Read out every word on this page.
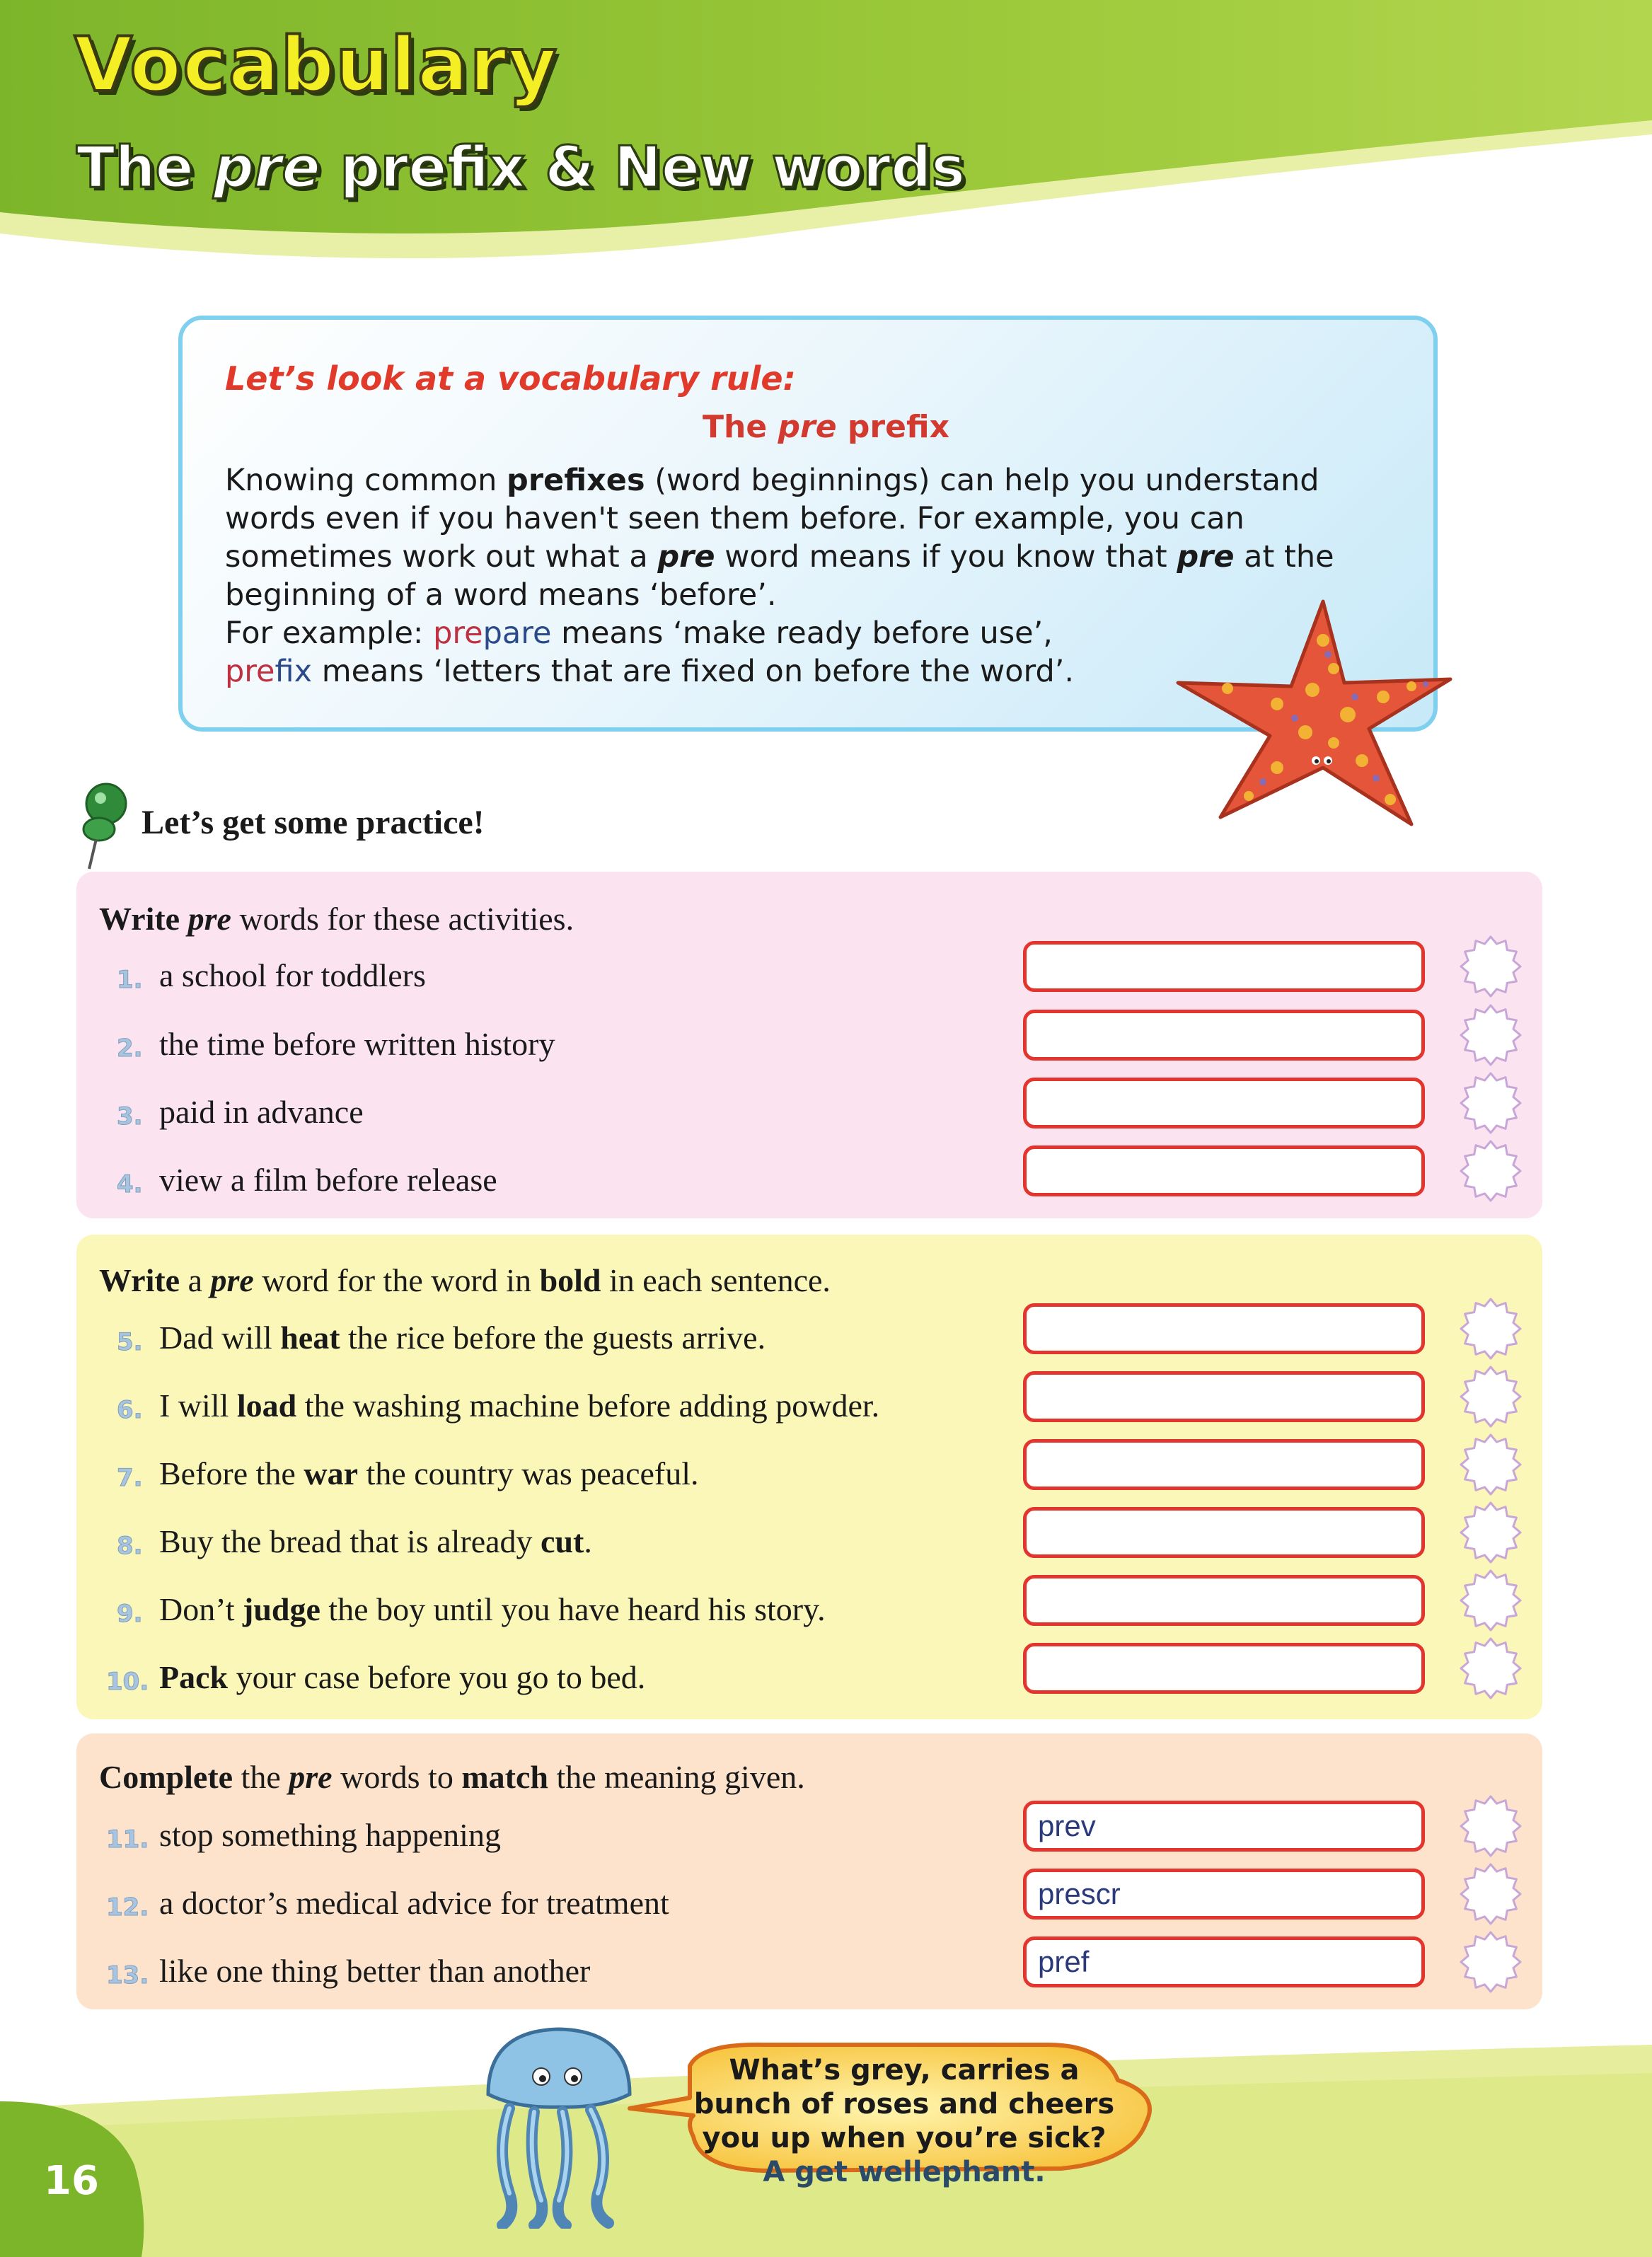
Vocabulary
The pre prefix & New words
Let’s look at a vocabulary rule:
The pre prefix
Knowing common prefixes (word beginnings) can help you understand words even if you haven't seen them before. For example, you can sometimes work out what a pre word means if you know that pre at the beginning of a word means ‘before’.
For example: prepare means ‘make ready before use’,
prefix means ‘letters that are fixed on before the word’.
Let’s get some practice!
Write pre words for these activities.
Write a pre word for the word in bold in each sentence.
Complete the pre words to match the meaning given.
1. a school for toddlers
2. the time before written history
3. paid in advance
4. view a film before release
5. Dad will heat the rice before the guests arrive.
6. I will load the washing machine before adding powder.
7. Before the war the country was peaceful.
8. Buy the bread that is already cut.
9. Don’t judge the boy until you have heard his story.
10. Pack your case before you go to bed.
11. stop something happening	prev
12. a doctor’s medical advice for treatment	prescr
13. like one thing better than another	pref
16
What’s grey, carries a
bunch of roses and cheers
you up when you’re sick?
A get wellephant.
